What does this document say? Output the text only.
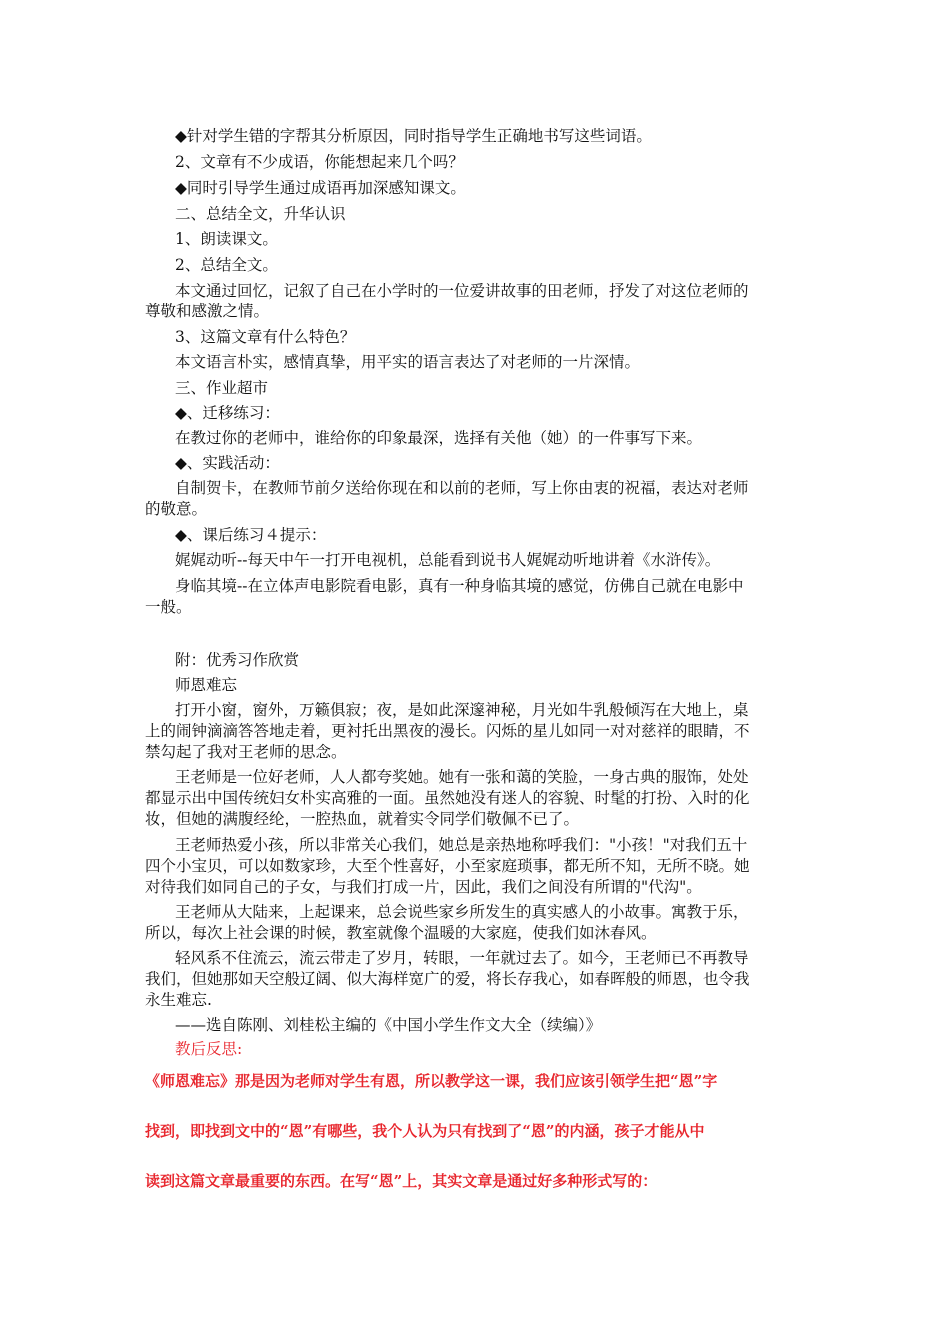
◆针对学生错的字帮其分析原因，同时指导学生正确地书写这些词语。
2、文章有不少成语，你能想起来几个吗？
◆同时引导学生通过成语再加深感知课文。
二、总结全文，升华认识
1、朗读课文。
2、总结全文。
本文通过回忆，记叙了自己在小学时的一位爱讲故事的田老师，抒发了对这位老师的
尊敬和感激之情。
3、这篇文章有什么特色？
本文语言朴实，感情真挚，用平实的语言表达了对老师的一片深情。
三、作业超市
◆、迁移练习：
在教过你的老师中，谁给你的印象最深，选择有关他（她）的一件事写下来。
◆、实践活动：
自制贺卡，在教师节前夕送给你现在和以前的老师，写上你由衷的祝福，表达对老师
的敬意。
◆、课后练习４提示：
娓娓动听--每天中午一打开电视机，总能看到说书人娓娓动听地讲着《水浒传》。
身临其境--在立体声电影院看电影，真有一种身临其境的感觉，仿佛自己就在电影中
一般。
附：优秀习作欣赏
师恩难忘
打开小窗，窗外，万籁俱寂；夜，是如此深邃神秘，月光如牛乳般倾泻在大地上，桌
上的闹钟滴滴答答地走着，更衬托出黑夜的漫长。闪烁的星儿如同一对对慈祥的眼睛，不
禁勾起了我对王老师的思念。
王老师是一位好老师，人人都夸奖她。她有一张和蔼的笑脸，一身古典的服饰，处处
都显示出中国传统妇女朴实高雅的一面。虽然她没有迷人的容貌、时髦的打扮、入时的化
妆，但她的满腹经纶，一腔热血，就着实令同学们敬佩不已了。
王老师热爱小孩，所以非常关心我们，她总是亲热地称呼我们："小孩！"对我们五十
四个小宝贝，可以如数家珍，大至个性喜好，小至家庭琐事，都无所不知，无所不晓。她
对待我们如同自己的子女，与我们打成一片，因此，我们之间没有所谓的"代沟"。
王老师从大陆来，上起课来，总会说些家乡所发生的真实感人的小故事。寓教于乐，
所以，每次上社会课的时候，教室就像个温暖的大家庭，使我们如沐春风。
轻风系不住流云，流云带走了岁月，转眼，一年就过去了。如今，王老师已不再教导
我们，但她那如天空般辽阔、似大海样宽广的爱，将长存我心，如春晖般的师恩，也令我
永生难忘.
——选自陈刚、刘桂松主编的《中国小学生作文大全（续编）》
教后反思:
《师恩难忘》那是因为老师对学生有恩，所以教学这一课，我们应该引领学生把“恩”字
找到，即找到文中的“恩”有哪些，我个人认为只有找到了“恩”的内涵，孩子才能从中
读到这篇文章最重要的东西。在写“恩”上，其实文章是通过好多种形式写的：
